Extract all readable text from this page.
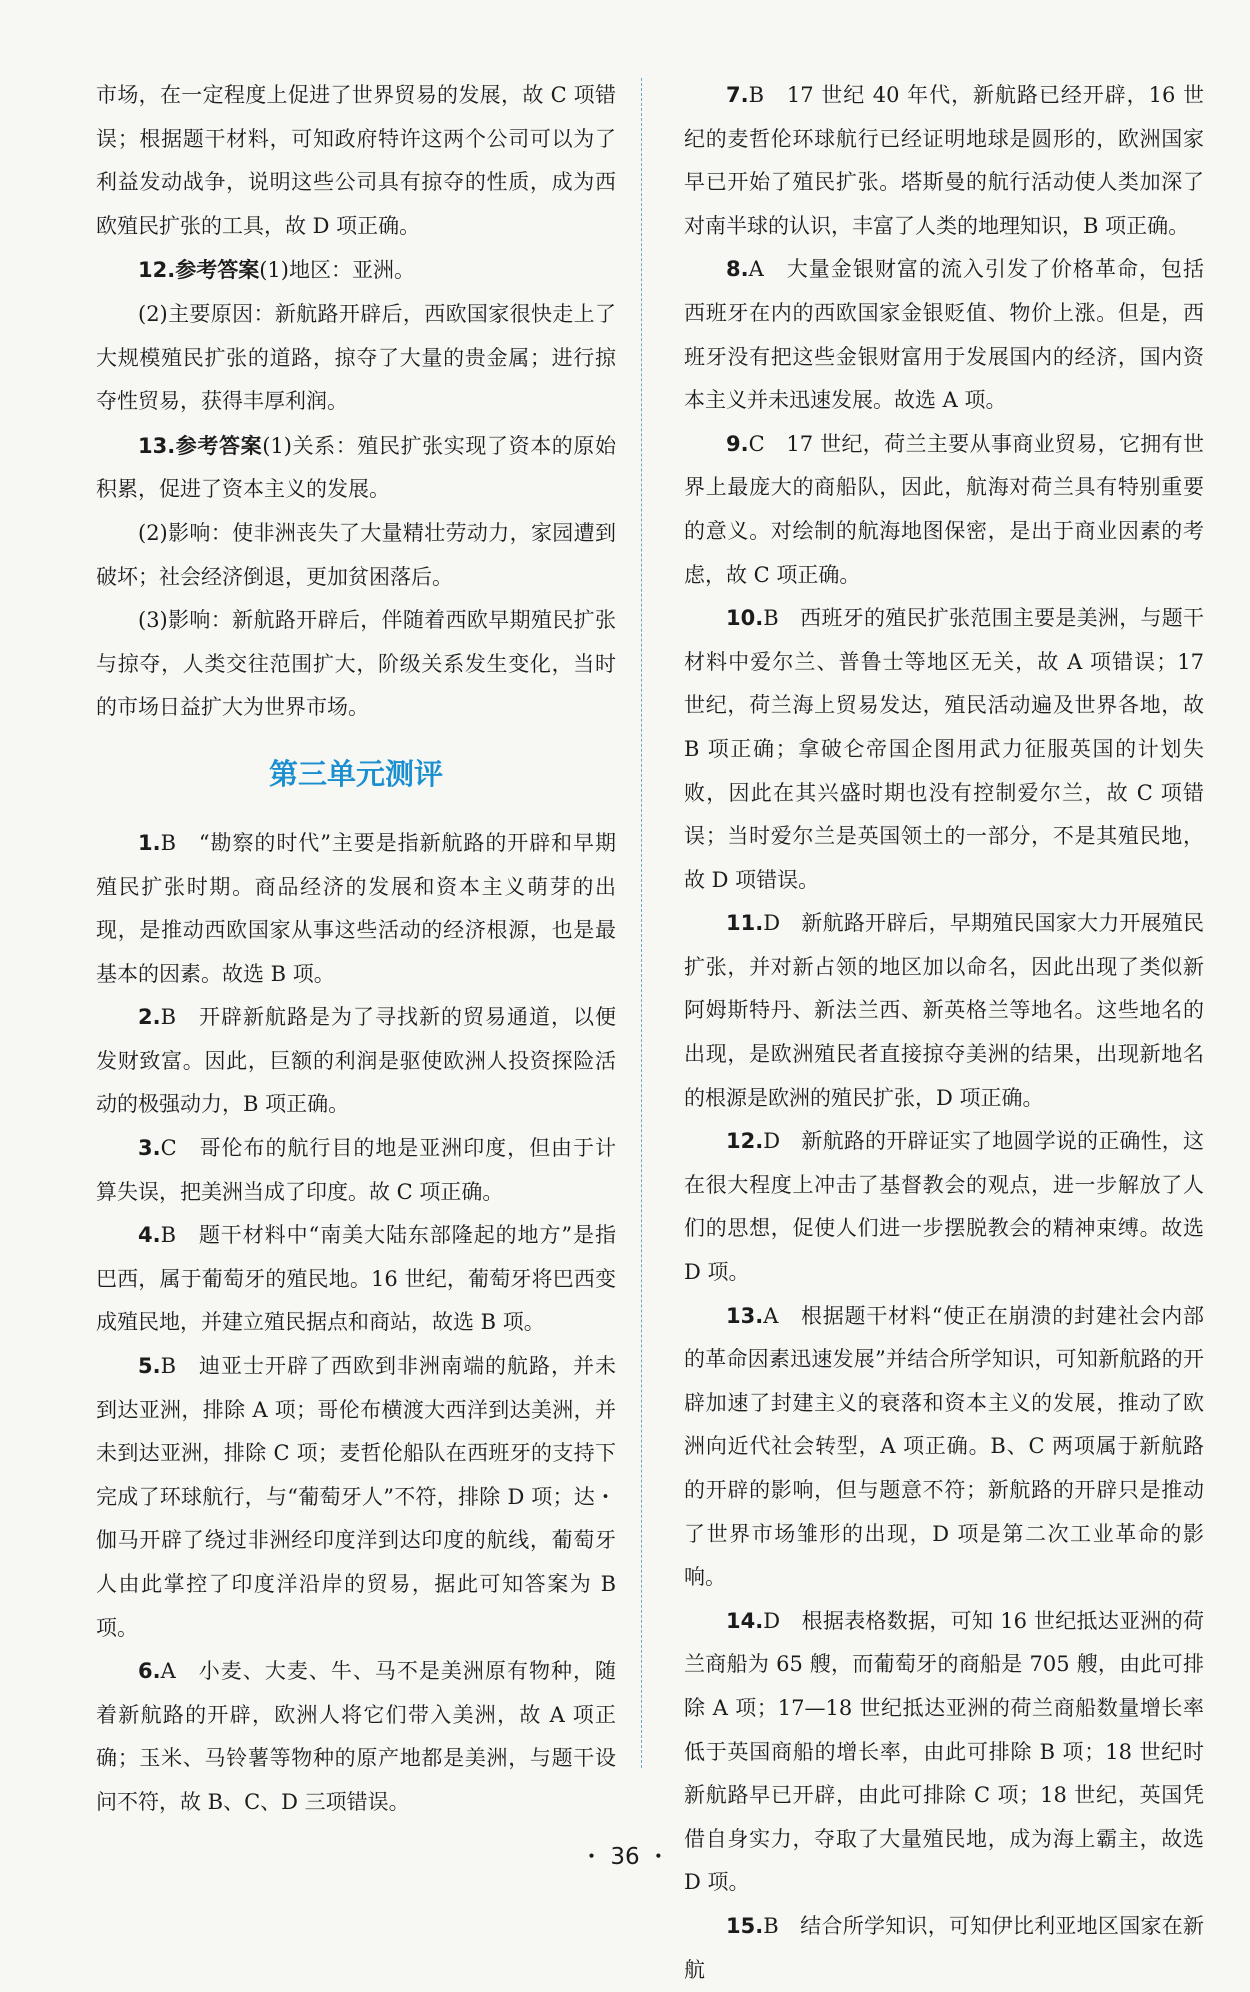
市场，在一定程度上促进了世界贸易的发展，故 C 项错误；根据题干材料，可知政府特许这两个公司可以为了利益发动战争，说明这些公司具有掠夺的性质，成为西欧殖民扩张的工具，故 D 项正确。

12.参考答案(1)地区：亚洲。

(2)主要原因：新航路开辟后，西欧国家很快走上了大规模殖民扩张的道路，掠夺了大量的贵金属；进行掠夺性贸易，获得丰厚利润。

13.参考答案(1)关系：殖民扩张实现了资本的原始积累，促进了资本主义的发展。

(2)影响：使非洲丧失了大量精壮劳动力，家园遭到破坏；社会经济倒退，更加贫困落后。

(3)影响：新航路开辟后，伴随着西欧早期殖民扩张与掠夺，人类交往范围扩大，阶级关系发生变化，当时的市场日益扩大为世界市场。

第三单元测评

1.B　“勘察的时代”主要是指新航路的开辟和早期殖民扩张时期。商品经济的发展和资本主义萌芽的出现，是推动西欧国家从事这些活动的经济根源，也是最基本的因素。故选 B 项。

2.B　开辟新航路是为了寻找新的贸易通道，以便发财致富。因此，巨额的利润是驱使欧洲人投资探险活动的极强动力，B 项正确。

3.C　哥伦布的航行目的地是亚洲印度，但由于计算失误，把美洲当成了印度。故 C 项正确。

4.B　题干材料中“南美大陆东部隆起的地方”是指巴西，属于葡萄牙的殖民地。16 世纪，葡萄牙将巴西变成殖民地，并建立殖民据点和商站，故选 B 项。

5.B　迪亚士开辟了西欧到非洲南端的航路，并未到达亚洲，排除 A 项；哥伦布横渡大西洋到达美洲，并未到达亚洲，排除 C 项；麦哲伦船队在西班牙的支持下完成了环球航行，与“葡萄牙人”不符，排除 D 项；达・伽马开辟了绕过非洲经印度洋到达印度的航线，葡萄牙人由此掌控了印度洋沿岸的贸易，据此可知答案为 B 项。

6.A　小麦、大麦、牛、马不是美洲原有物种，随着新航路的开辟，欧洲人将它们带入美洲，故 A 项正确；玉米、马铃薯等物种的原产地都是美洲，与题干设问不符，故 B、C、D 三项错误。

7.B　17 世纪 40 年代，新航路已经开辟，16 世纪的麦哲伦环球航行已经证明地球是圆形的，欧洲国家早已开始了殖民扩张。塔斯曼的航行活动使人类加深了对南半球的认识，丰富了人类的地理知识，B 项正确。

8.A　大量金银财富的流入引发了价格革命，包括西班牙在内的西欧国家金银贬值、物价上涨。但是，西班牙没有把这些金银财富用于发展国内的经济，国内资本主义并未迅速发展。故选 A 项。

9.C　17 世纪，荷兰主要从事商业贸易，它拥有世界上最庞大的商船队，因此，航海对荷兰具有特别重要的意义。对绘制的航海地图保密，是出于商业因素的考虑，故 C 项正确。

10.B　西班牙的殖民扩张范围主要是美洲，与题干材料中爱尔兰、普鲁士等地区无关，故 A 项错误；17 世纪，荷兰海上贸易发达，殖民活动遍及世界各地，故 B 项正确；拿破仑帝国企图用武力征服英国的计划失败，因此在其兴盛时期也没有控制爱尔兰，故 C 项错误；当时爱尔兰是英国领土的一部分，不是其殖民地，故 D 项错误。

11.D　新航路开辟后，早期殖民国家大力开展殖民扩张，并对新占领的地区加以命名，因此出现了类似新阿姆斯特丹、新法兰西、新英格兰等地名。这些地名的出现，是欧洲殖民者直接掠夺美洲的结果，出现新地名的根源是欧洲的殖民扩张，D 项正确。

12.D　新航路的开辟证实了地圆学说的正确性，这在很大程度上冲击了基督教会的观点，进一步解放了人们的思想，促使人们进一步摆脱教会的精神束缚。故选 D 项。

13.A　根据题干材料“使正在崩溃的封建社会内部的革命因素迅速发展”并结合所学知识，可知新航路的开辟加速了封建主义的衰落和资本主义的发展，推动了欧洲向近代社会转型，A 项正确。B、C 两项属于新航路的开辟的影响，但与题意不符；新航路的开辟只是推动了世界市场雏形的出现，D 项是第二次工业革命的影响。

14.D　根据表格数据，可知 16 世纪抵达亚洲的荷兰商船为 65 艘，而葡萄牙的商船是 705 艘，由此可排除 A 项；17—18 世纪抵达亚洲的荷兰商船数量增长率低于英国商船的增长率，由此可排除 B 项；18 世纪时新航路早已开辟，由此可排除 C 项；18 世纪，英国凭借自身实力，夺取了大量殖民地，成为海上霸主，故选 D 项。

15.B　结合所学知识，可知伊比利亚地区国家在新航

・ 36 ・
